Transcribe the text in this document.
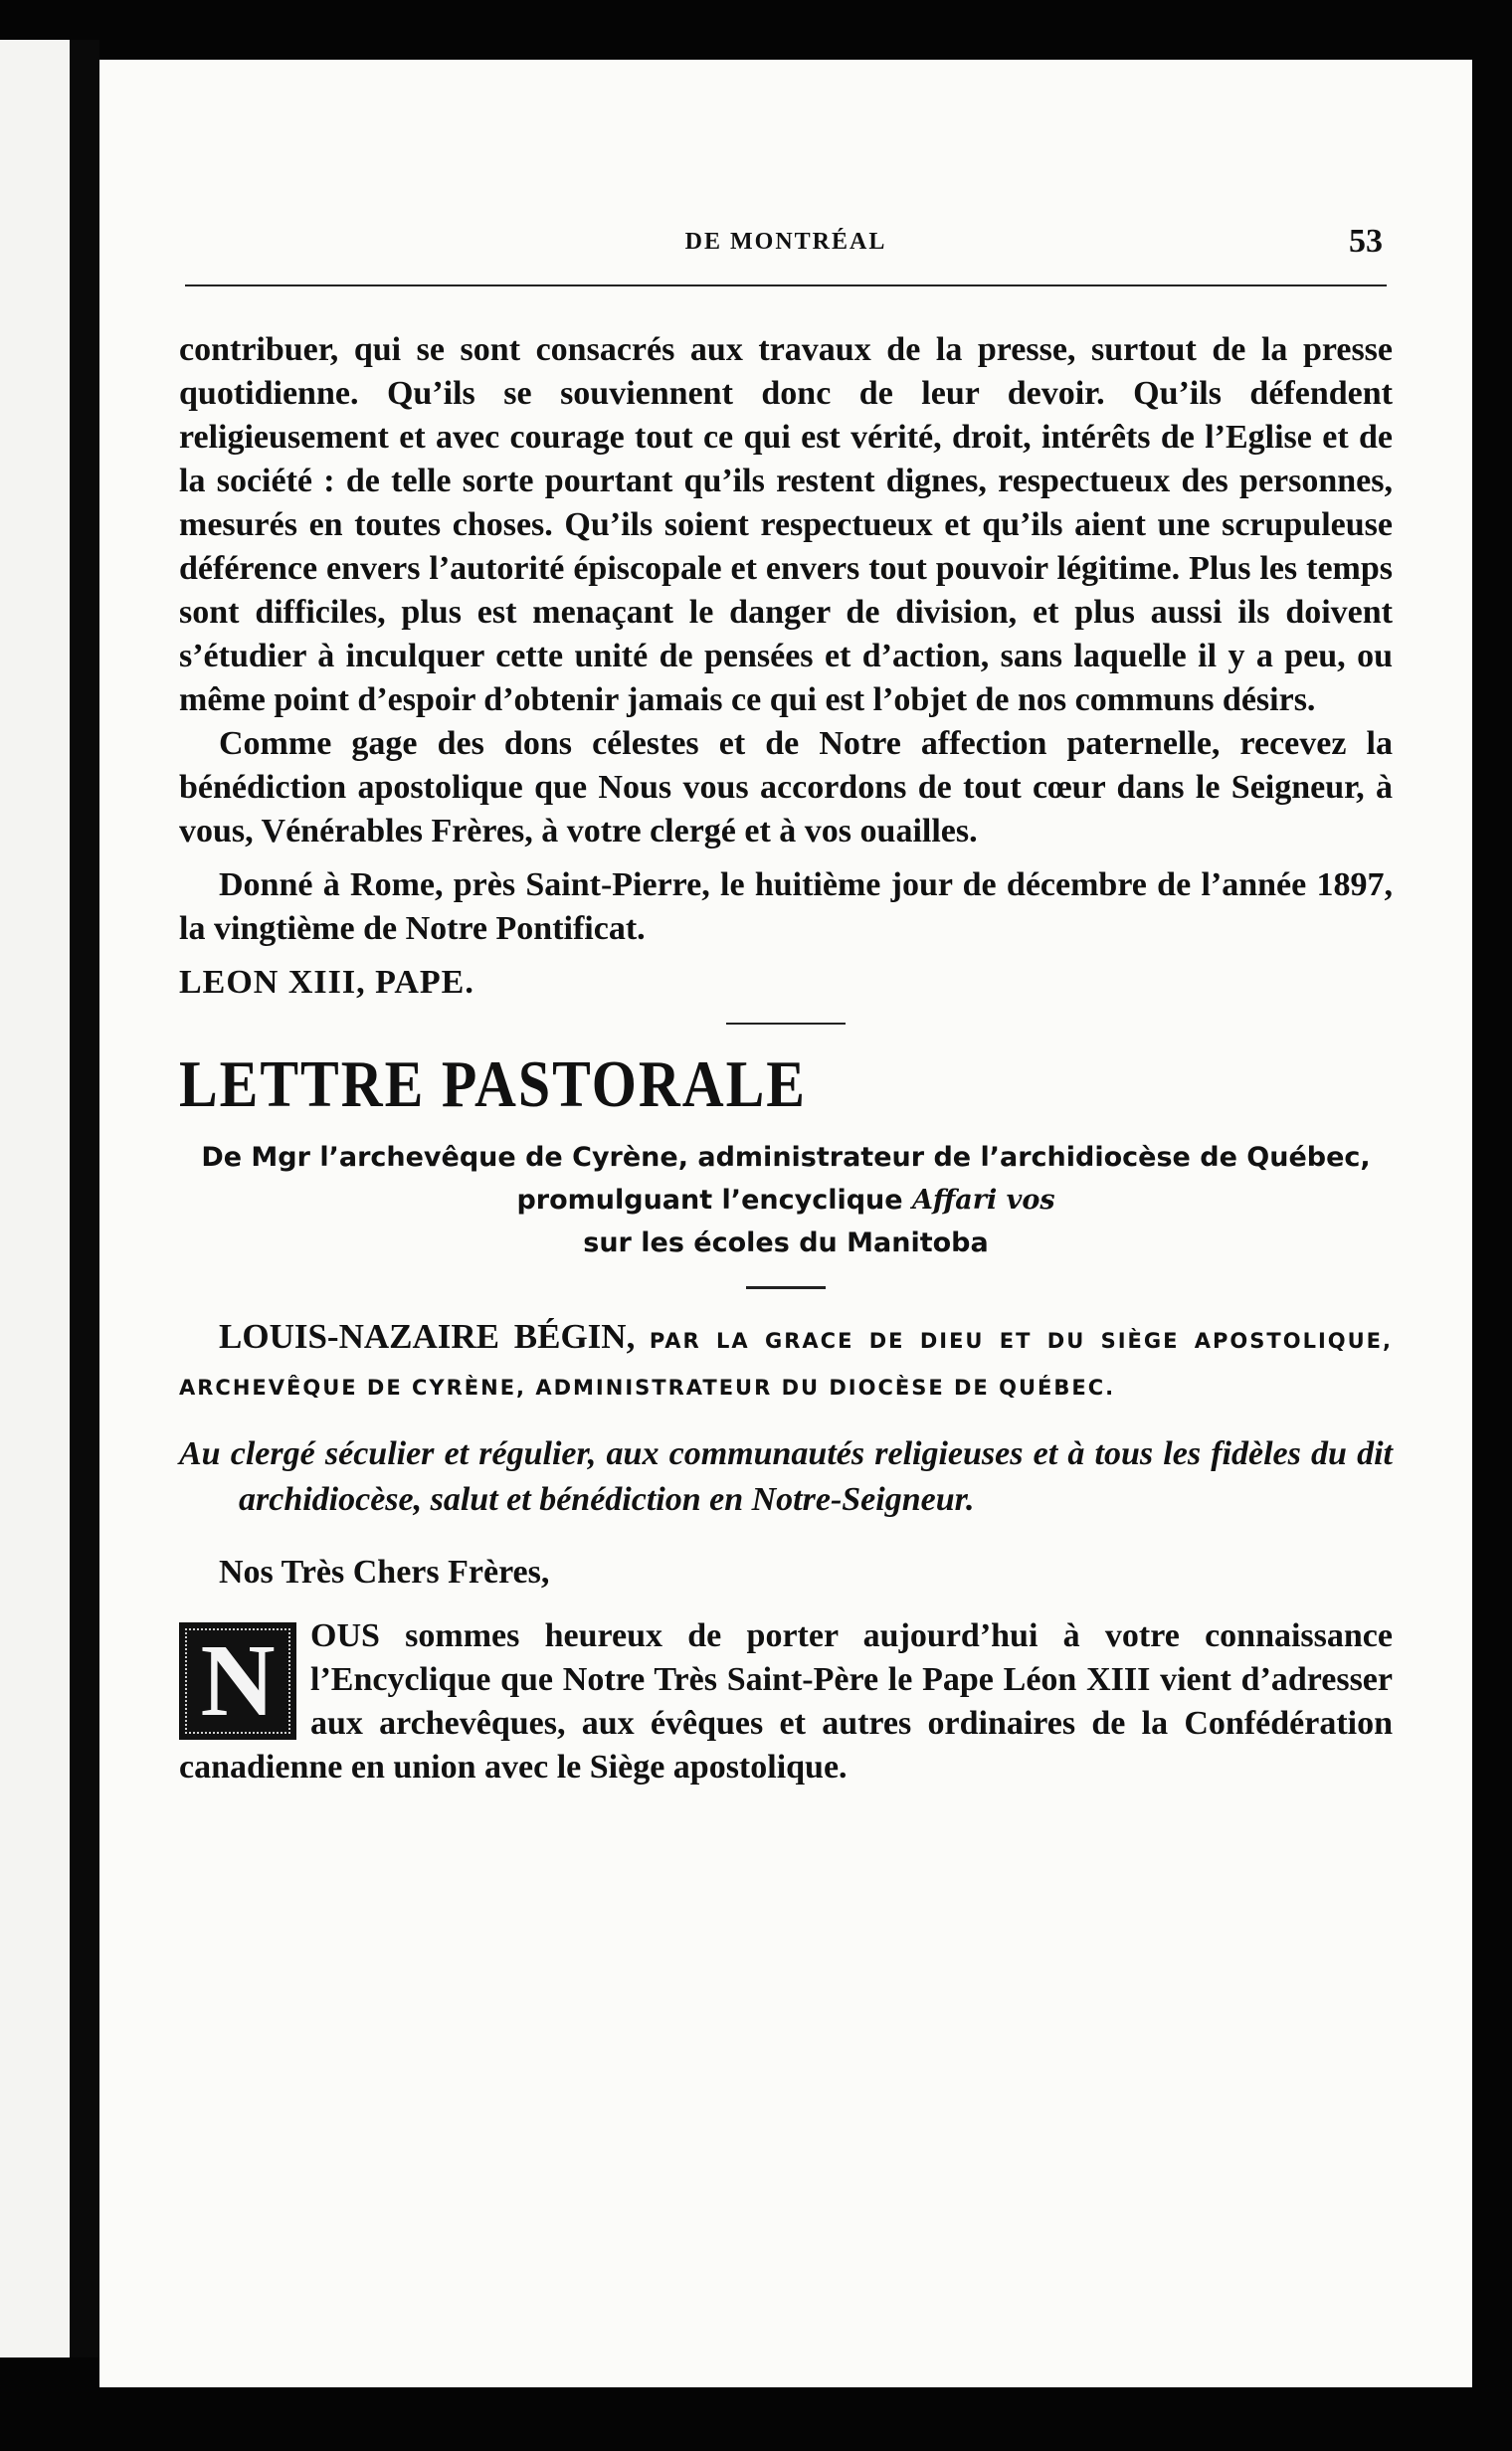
DE MONTRÉAL	53

contribuer, qui se sont consacrés aux travaux de la presse, surtout de la presse quotidienne. Qu’ils se souviennent donc de leur devoir. Qu’ils défendent religieusement et avec courage tout ce qui est vérité, droit, intérêts de l’Eglise et de la société : de telle sorte pourtant qu’ils restent dignes, respectueux des personnes, mesurés en toutes choses. Qu’ils soient respectueux et qu’ils aient une scrupuleuse déférence envers l’autorité épiscopale et envers tout pouvoir légitime. Plus les temps sont difficiles, plus est menaçant le danger de division, et plus aussi ils doivent s’étudier à inculquer cette unité de pensées et d’action, sans laquelle il y a peu, ou même point d’espoir d’obtenir jamais ce qui est l’objet de nos communs désirs.

Comme gage des dons célestes et de Notre affection paternelle, recevez la bénédiction apostolique que Nous vous accordons de tout cœur dans le Seigneur, à vous, Vénérables Frères, à votre clergé et à vos ouailles.

Donné à Rome, près Saint-Pierre, le huitième jour de décembre de l’année 1897, la vingtième de Notre Pontificat.

LEON XIII, PAPE.

LETTRE PASTORALE

De Mgr l’archevêque de Cyrène, administrateur de l’archidiocèse de Québec, promulguant l’encyclique Affari vos
sur les écoles du Manitoba

LOUIS-NAZAIRE BÉGIN, PAR LA GRACE DE DIEU ET DU SIÈGE APOSTOLIQUE, ARCHEVÊQUE DE CYRÈNE, ADMINISTRATEUR DU DIOCÈSE DE QUÉBEC.

Au clergé séculier et régulier, aux communautés religieuses et à tous les fidèles du dit archidiocèse, salut et bénédiction en Notre-Seigneur.

Nos Très Chers Frères,

N	OUS sommes heureux de porter aujourd’hui à votre connaissance l’Encyclique que Notre Très Saint-Père le Pape Léon XIII vient d’adresser aux archevêques, aux évêques et autres ordinaires de la Confédération canadienne en union avec le Siège apostolique.
